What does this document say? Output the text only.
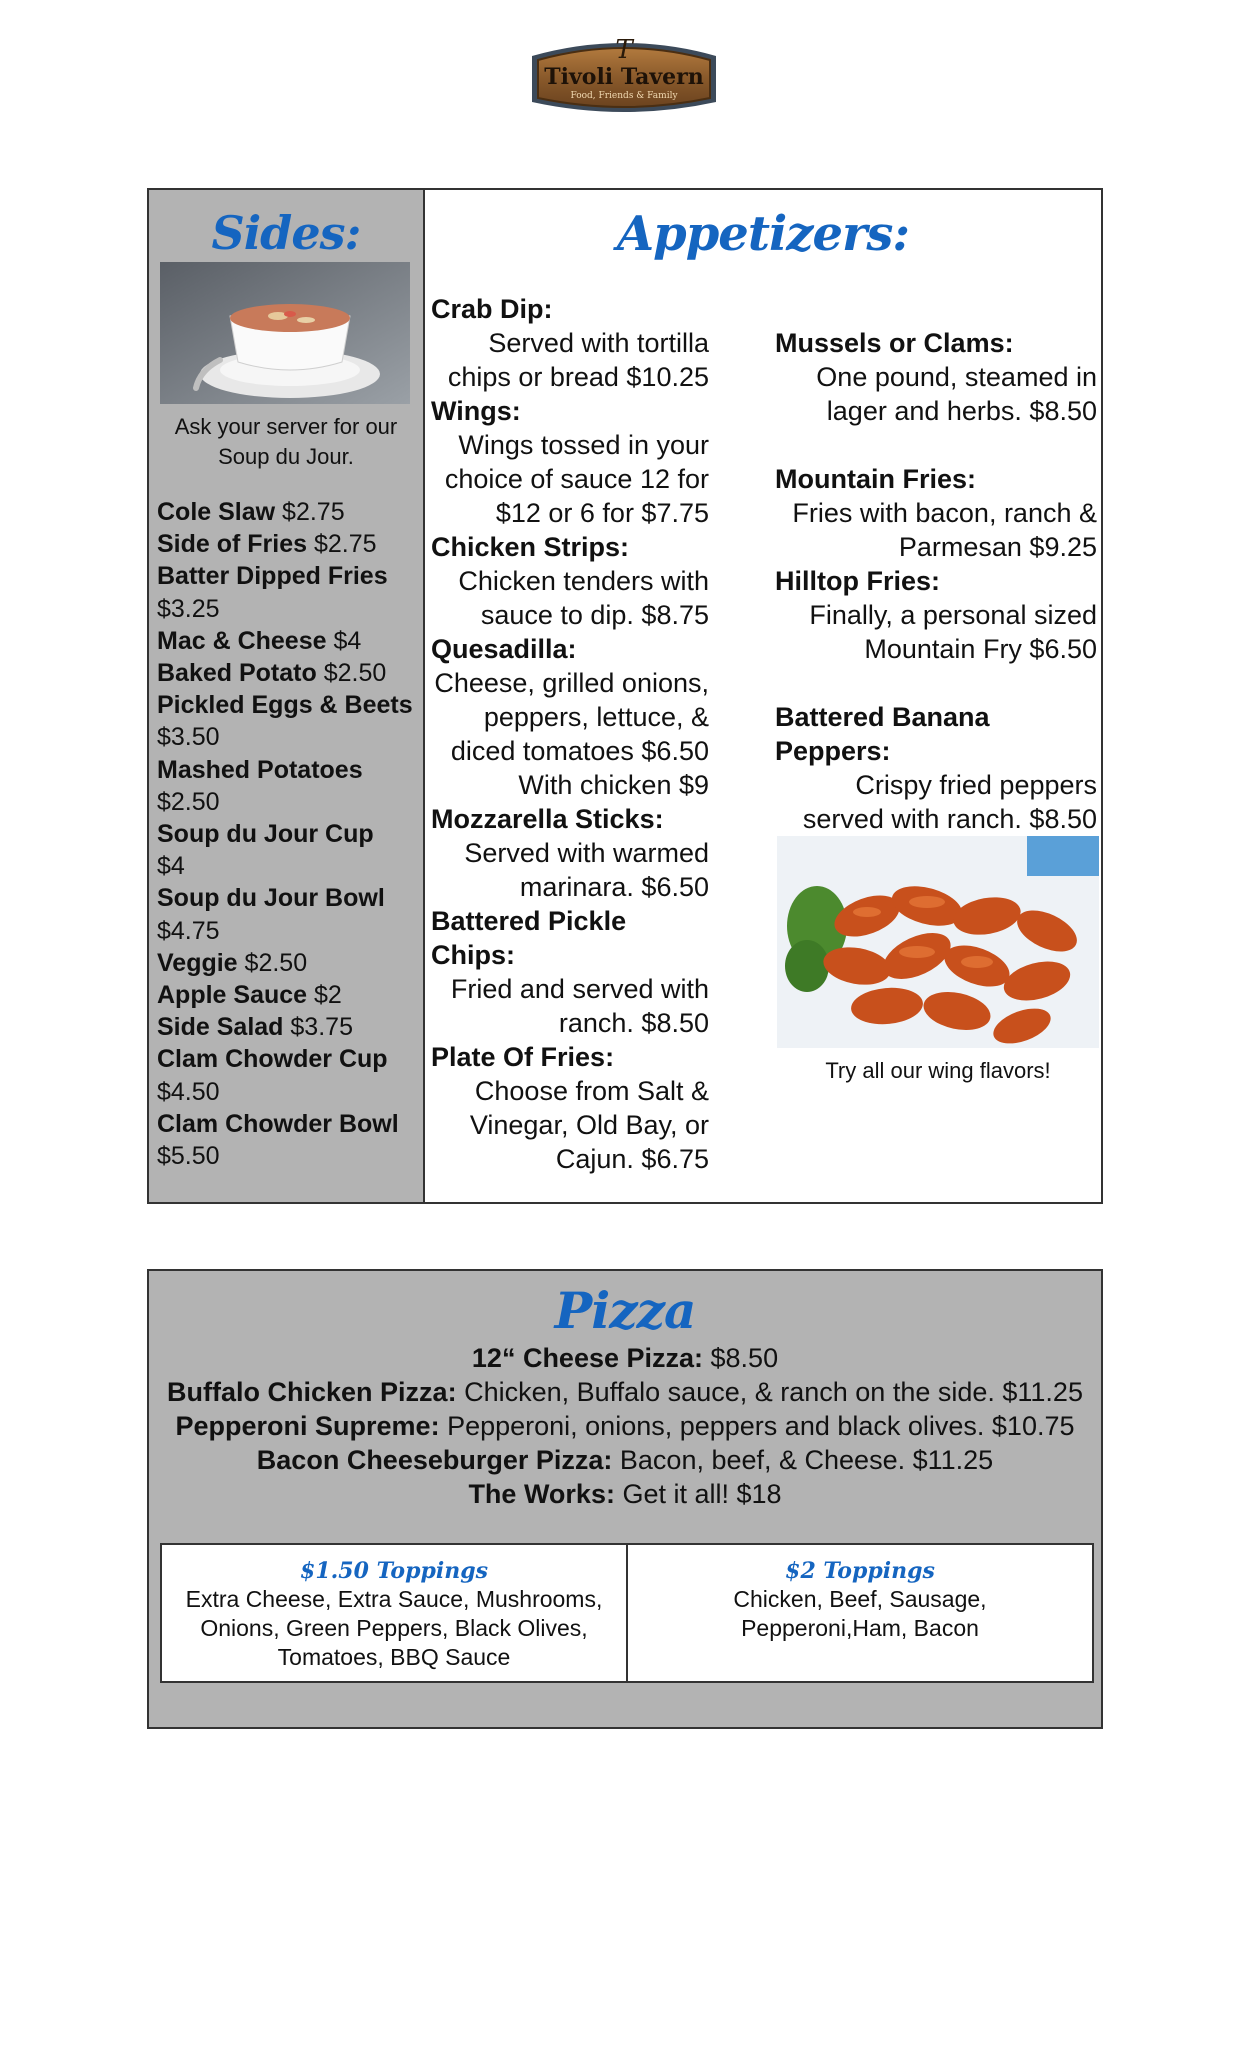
T
Tivoli Tavern
Food, Friends & Family
Sides:
Ask your server for our Soup du Jour.
Cole Slaw $2.75
Side of Fries $2.75
Batter Dipped Fries
$3.25
Mac & Cheese $4
Baked Potato $2.50
Pickled Eggs & Beets
$3.50
Mashed Potatoes
$2.50
Soup du Jour Cup
$4
Soup du Jour Bowl
$4.75
Veggie $2.50
Apple Sauce $2
Side Salad $3.75
Clam Chowder Cup
$4.50
Clam Chowder Bowl
$5.50
Appetizers:
Crab Dip:
Served with tortilla chips or bread $10.25
Wings:
Wings tossed in your choice of sauce 12 for $12 or 6 for $7.75
Chicken Strips:
Chicken tenders with sauce to dip. $8.75
Quesadilla:
Cheese, grilled onions, peppers, lettuce, & diced tomatoes $6.50
With chicken $9
Mozzarella Sticks:
Served with warmed marinara. $6.50
Battered Pickle Chips:
Fried and served with ranch. $8.50
Plate Of Fries:
Choose from Salt & Vinegar, Old Bay, or Cajun. $6.75
Mussels or Clams:
One pound, steamed in lager and herbs. $8.50
Mountain Fries:
Fries with bacon, ranch & Parmesan $9.25
Hilltop Fries:
Finally, a personal sized Mountain Fry $6.50
Battered Banana Peppers:
Crispy fried peppers served with ranch. $8.50
Try all our wing flavors!
Pizza
12“ Cheese Pizza: $8.50
Buffalo Chicken Pizza: Chicken, Buffalo sauce, & ranch on the side. $11.25
Pepperoni Supreme: Pepperoni, onions, peppers and black olives. $10.75
Bacon Cheeseburger Pizza: Bacon, beef, & Cheese. $11.25
The Works: Get it all! $18
$1.50 Toppings
Extra Cheese, Extra Sauce, Mushrooms,
Onions, Green Peppers, Black Olives,
Tomatoes, BBQ Sauce
$2 Toppings
Chicken, Beef, Sausage,
Pepperoni,Ham, Bacon
